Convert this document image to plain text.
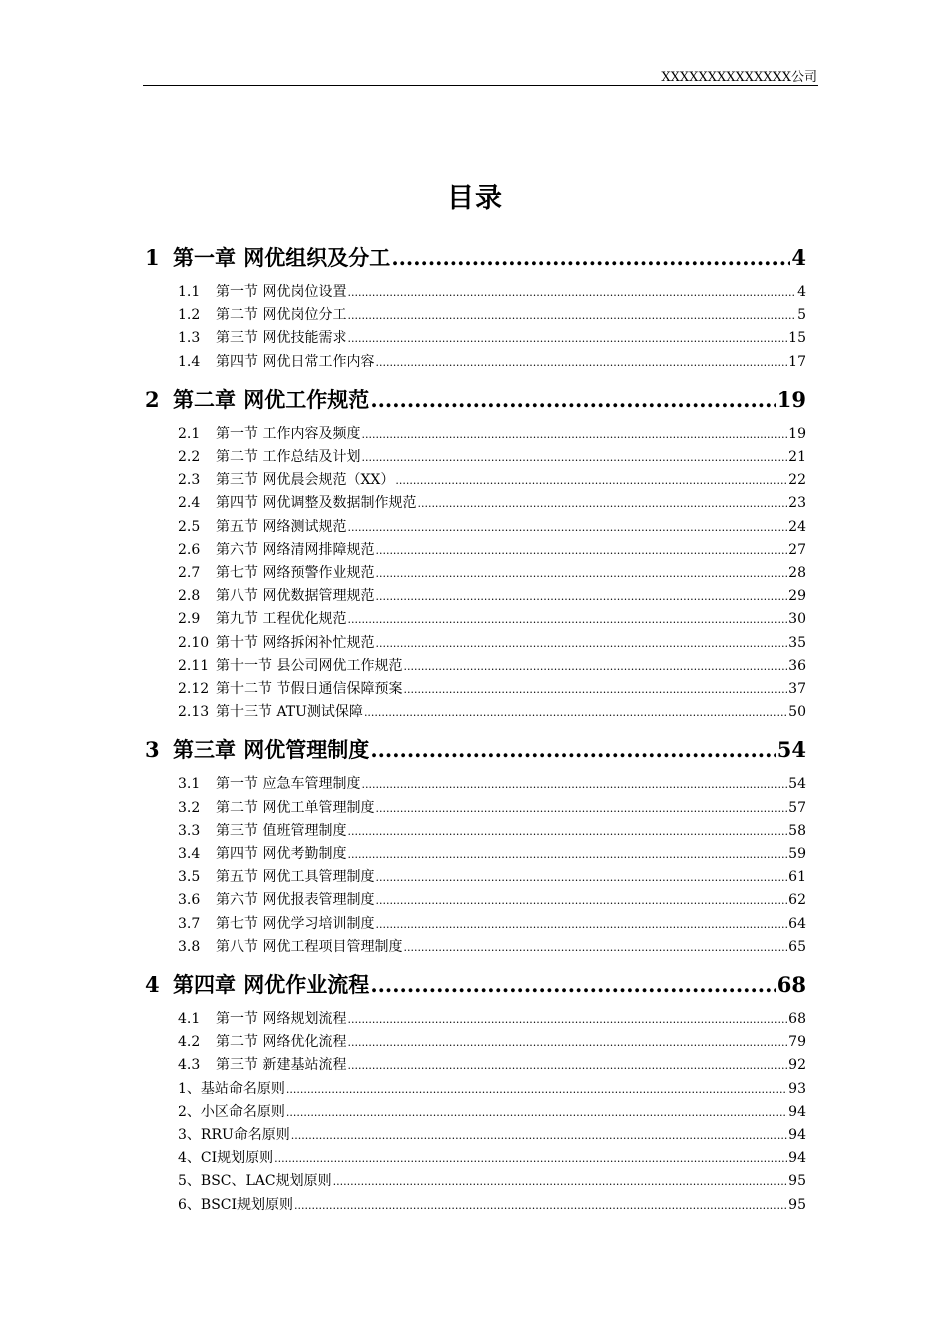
XXXXXXXXXXXXXX公司
目录
1 第一章 网优组织及分工 .....	4
1.1	第一节 网优岗位设置 .....	4
1.2	第二节 网优岗位分工 .....	5
1.3	第三节 网优技能需求 .....	15
1.4	第四节 网优日常工作内容 .....	17
2 第二章 网优工作规范 .....	19
2.1	第一节 工作内容及频度 .....	19
2.2	第二节 工作总结及计划 .....	21
2.3	第三节 网优晨会规范（XX） .....	22
2.4	第四节 网优调整及数据制作规范 .....	23
2.5	第五节 网络测试规范 .....	24
2.6	第六节 网络清网排障规范 .....	27
2.7	第七节 网络预警作业规范 .....	28
2.8	第八节 网优数据管理规范 .....	29
2.9	第九节 工程优化规范 .....	30
2.10 第十节 网络拆闲补忙规范 .....	35
2.11 第十一节 县公司网优工作规范 .....	36
2.12 第十二节 节假日通信保障预案 .....	37
2.13 第十三节 ATU测试保障 .....	50
3 第三章 网优管理制度 .....	54
3.1	第一节 应急车管理制度 .....	54
3.2	第二节 网优工单管理制度 .....	57
3.3	第三节 值班管理制度 .....	58
3.4	第四节 网优考勤制度 .....	59
3.5	第五节 网优工具管理制度 .....	61
3.6	第六节 网优报表管理制度 .....	62
3.7	第七节 网优学习培训制度 .....	64
3.8	第八节 网优工程项目管理制度 .....	65
4 第四章 网优作业流程 .....	68
4.1	第一节 网络规划流程 .....	68
4.2	第二节 网络优化流程 .....	79
4.3	第三节 新建基站流程 .....	92
1、基站命名原则 .....	93
2、小区命名原则 .....	94
3、RRU命名原则 .....	94
4、CI规划原则 .....	94
5、BSC、LAC规划原则 .....	95
6、BSCI规划原则 .....	95
